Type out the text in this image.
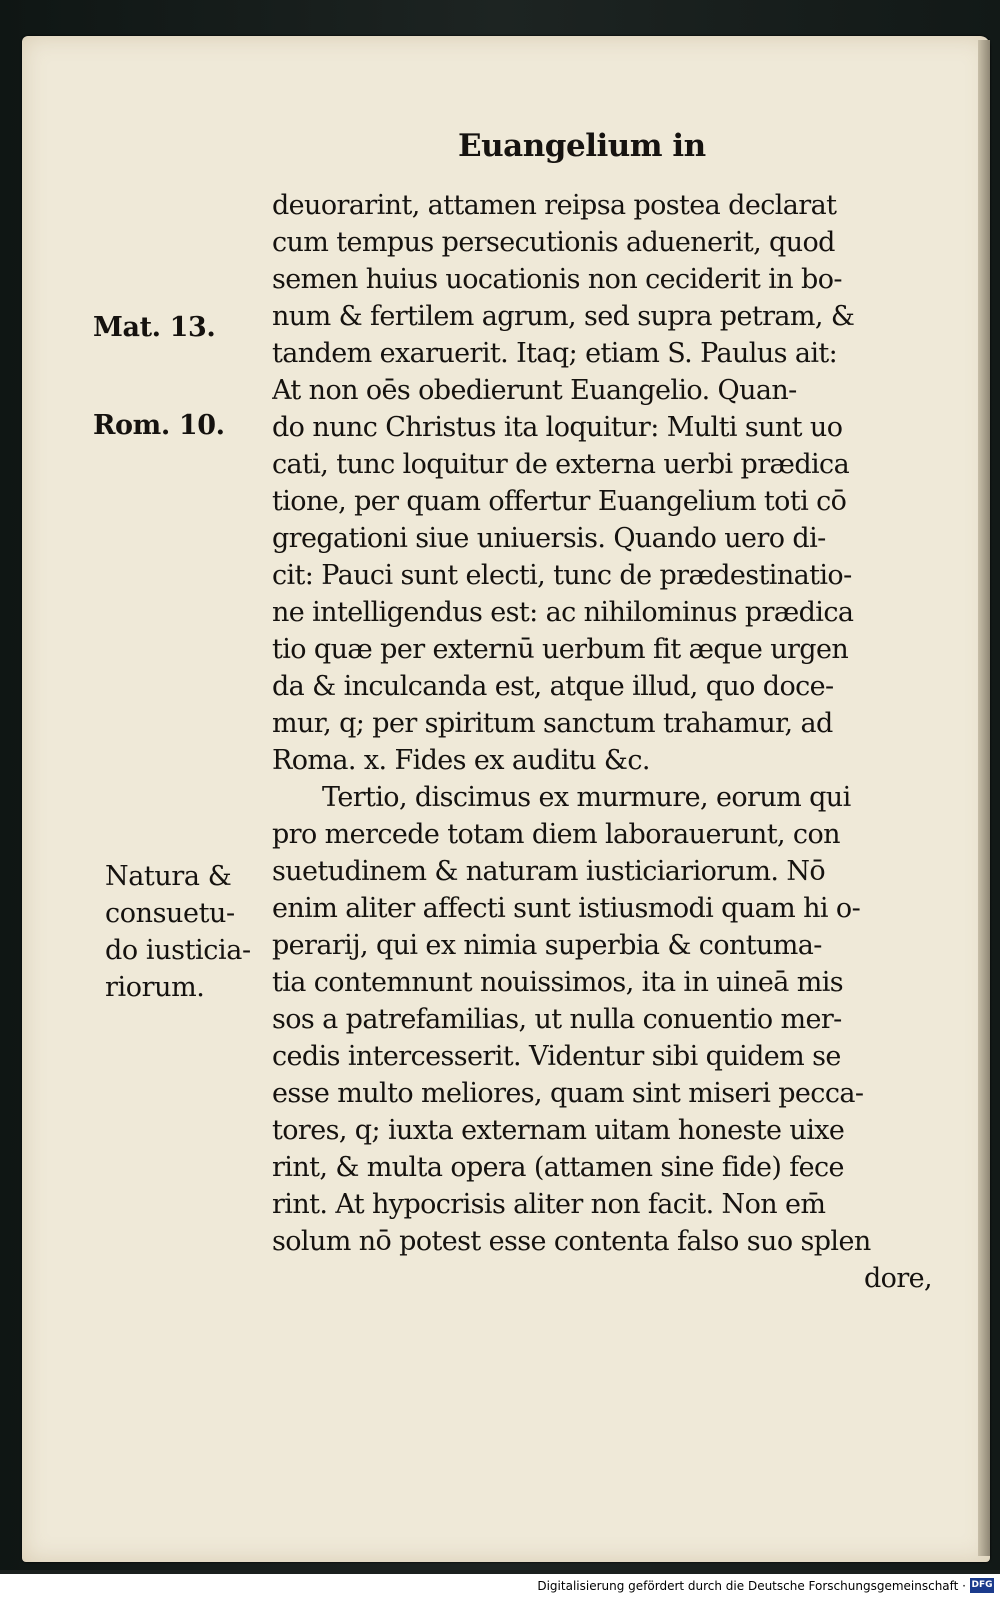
Euangelium in
Mat. 13.
Rom. 10.
Natura &
consuetu-
do iusticia-
riorum.
deuorarint, attamen reipsa postea declarat
cum tempus persecutionis aduenerit, quod
semen huius uocationis non ceciderit in bo-
num & fertilem agrum, sed supra petram, &
tandem exaruerit. Itaq; etiam S. Paulus ait:
At non oēs obedierunt Euangelio. Quan-
do nunc Christus ita loquitur: Multi sunt uo
cati, tunc loquitur de externa uerbi prædica
tione, per quam offertur Euangelium toti cō
gregationi siue uniuersis. Quando uero di-
cit: Pauci sunt electi, tunc de prædestinatio-
ne intelligendus est: ac nihilominus prædica
tio quæ per externū uerbum fit æque urgen
da & inculcanda est, atque illud, quo doce-
mur, q; per spiritum sanctum trahamur, ad
Roma. x. Fides ex auditu &c.
Tertio, discimus ex murmure, eorum qui
pro mercede totam diem laborauerunt, con
suetudinem & naturam iusticiariorum. Nō
enim aliter affecti sunt istiusmodi quam hi o-
perarij, qui ex nimia superbia & contuma-
tia contemnunt nouissimos, ita in uineā mis
sos a patrefamilias, ut nulla conuentio mer-
cedis intercesserit. Videntur sibi quidem se
esse multo meliores, quam sint miseri pecca-
tores, q; iuxta externam uitam honeste uixe
rint, & multa opera (attamen sine fide) fece
rint. At hypocrisis aliter non facit. Non em̄
solum nō potest esse contenta falso suo splen
dore,
Digitalisierung gefördert durch die Deutsche Forschungsgemeinschaft · DFG
